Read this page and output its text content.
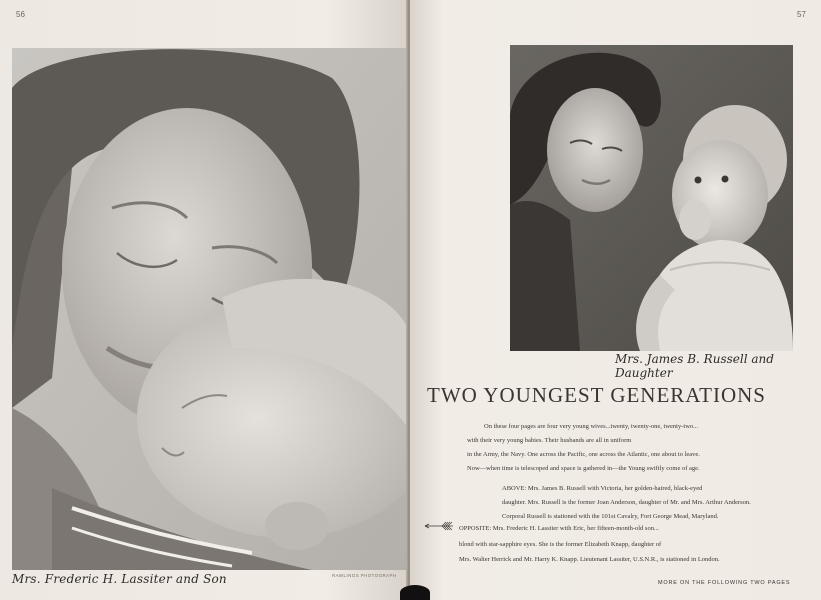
56
Mrs. Frederic H. Lassiter and Son	RAWLINGS PHOTOGRAPH
57
Mrs. James B. Russell and Daughter
TWO YOUNGEST GENERATIONS
On these four pages are four very young wives...twenty, twenty-one, twenty-two...
with their very young babies. Their husbands are all in uniform
in the Army, the Navy. One across the Pacific, one across the Atlantic, one about to leave.
Now—when time is telescoped and space is gathered in—the Young swiftly come of age.
ABOVE: Mrs. James B. Russell with Victoria, her golden-haired, black-eyed
daughter. Mrs. Russell is the former Joan Anderson, daughter of Mr. and Mrs. Arthur Anderson.
Corporal Russell is stationed with the 101st Cavalry, Fort George Mead, Maryland.
OPPOSITE: Mrs. Frederic H. Lassiter with Eric, her fifteen-month-old son...
blond with star-sapphire eyes. She is the former Elizabeth Knapp, daughter of
Mrs. Walter Herrick and Mr. Harry K. Knapp. Lieutenant Lassiter, U.S.N.R., is stationed in London.
MORE ON THE FOLLOWING TWO PAGES
